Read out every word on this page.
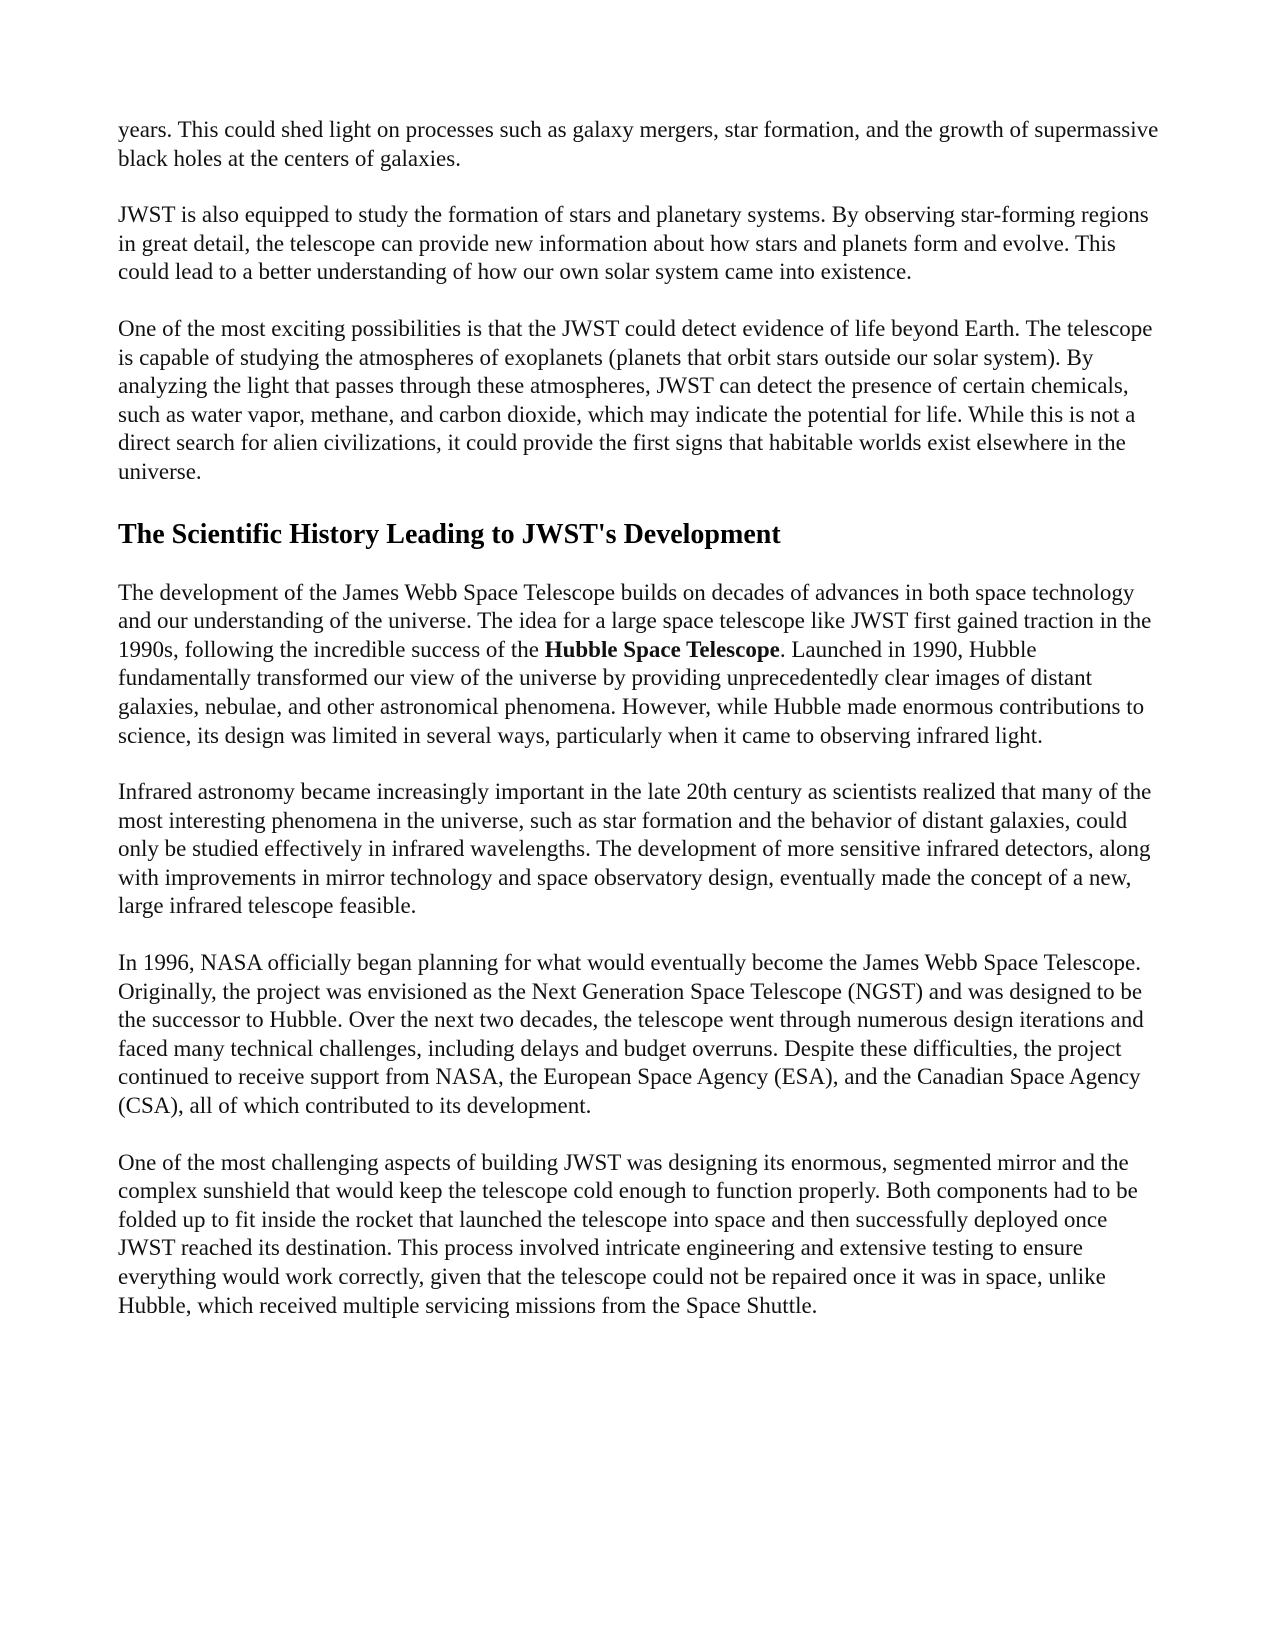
years. This could shed light on processes such as galaxy mergers, star formation, and the growth of supermassive black holes at the centers of galaxies.

JWST is also equipped to study the formation of stars and planetary systems. By observing star-forming regions in great detail, the telescope can provide new information about how stars and planets form and evolve. This could lead to a better understanding of how our own solar system came into existence.

One of the most exciting possibilities is that the JWST could detect evidence of life beyond Earth. The telescope is capable of studying the atmospheres of exoplanets (planets that orbit stars outside our solar system). By analyzing the light that passes through these atmospheres, JWST can detect the presence of certain chemicals, such as water vapor, methane, and carbon dioxide, which may indicate the potential for life. While this is not a direct search for alien civilizations, it could provide the first signs that habitable worlds exist elsewhere in the universe.

The Scientific History Leading to JWST's Development

The development of the James Webb Space Telescope builds on decades of advances in both space technology and our understanding of the universe. The idea for a large space telescope like JWST first gained traction in the 1990s, following the incredible success of the Hubble Space Telescope. Launched in 1990, Hubble fundamentally transformed our view of the universe by providing unprecedentedly clear images of distant galaxies, nebulae, and other astronomical phenomena. However, while Hubble made enormous contributions to science, its design was limited in several ways, particularly when it came to observing infrared light.

Infrared astronomy became increasingly important in the late 20th century as scientists realized that many of the most interesting phenomena in the universe, such as star formation and the behavior of distant galaxies, could only be studied effectively in infrared wavelengths. The development of more sensitive infrared detectors, along with improvements in mirror technology and space observatory design, eventually made the concept of a new, large infrared telescope feasible.

In 1996, NASA officially began planning for what would eventually become the James Webb Space Telescope. Originally, the project was envisioned as the Next Generation Space Telescope (NGST) and was designed to be the successor to Hubble. Over the next two decades, the telescope went through numerous design iterations and faced many technical challenges, including delays and budget overruns. Despite these difficulties, the project continued to receive support from NASA, the European Space Agency (ESA), and the Canadian Space Agency (CSA), all of which contributed to its development.

One of the most challenging aspects of building JWST was designing its enormous, segmented mirror and the complex sunshield that would keep the telescope cold enough to function properly. Both components had to be folded up to fit inside the rocket that launched the telescope into space and then successfully deployed once JWST reached its destination. This process involved intricate engineering and extensive testing to ensure everything would work correctly, given that the telescope could not be repaired once it was in space, unlike Hubble, which received multiple servicing missions from the Space Shuttle.
